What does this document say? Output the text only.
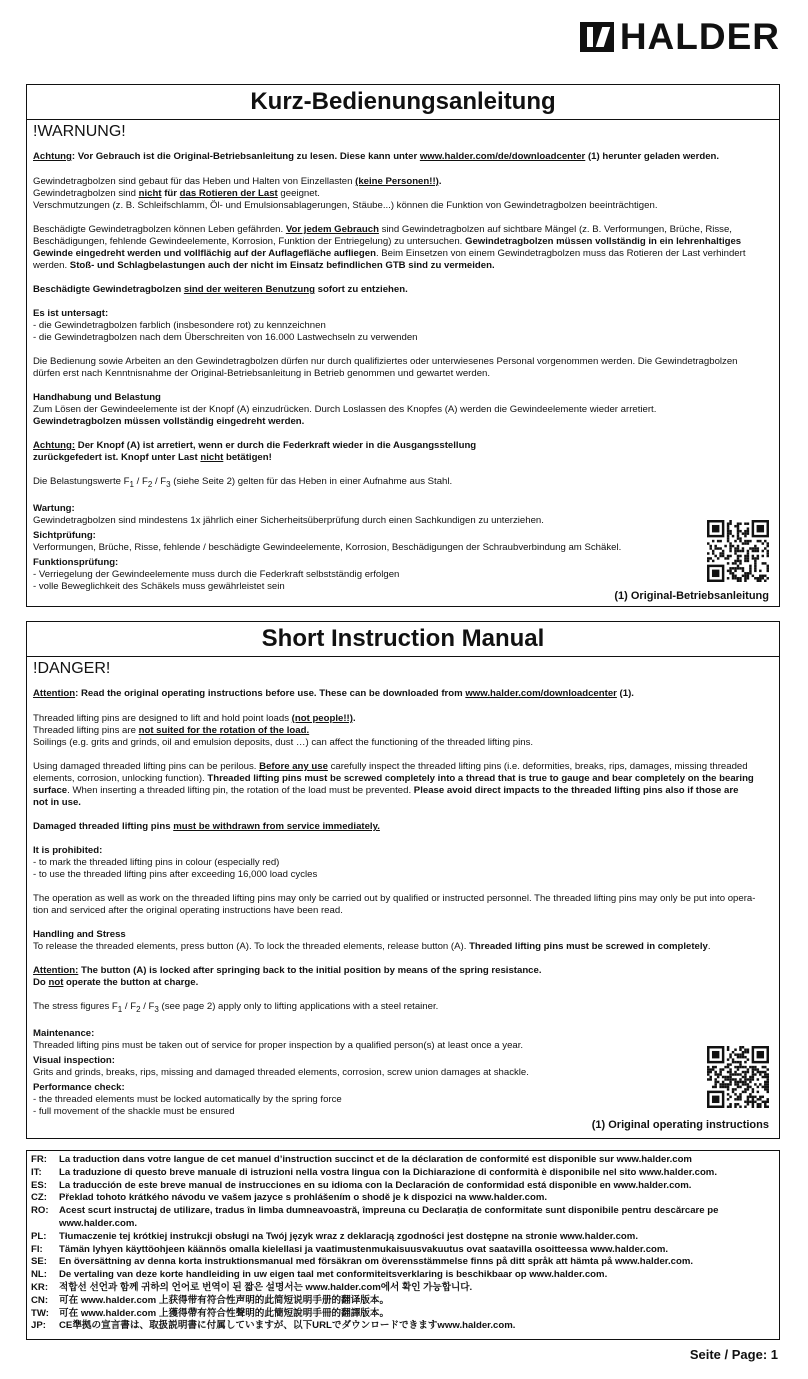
HALDER
Kurz-Bedienungsanleitung
!WARNUNG!

Achtung: Vor Gebrauch ist die Original-Betriebsanleitung zu lesen. Diese kann unter www.halder.com/de/downloadcenter (1) herunter geladen werden.

Gewindetragbolzen sind gebaut für das Heben und Halten von Einzellasten (keine Personen!!).

Gewindetragbolzen sind nicht für das Rotieren der Last geeignet.

Verschmutzungen (z. B. Schleifschlamm, Öl- und Emulsionsablagerungen, Stäube...) können die Funktion von Gewindetragbolzen beeinträchtigen.

Beschädigte Gewindetragbolzen können Leben gefährden. Vor jedem Gebrauch sind Gewindetragbolzen auf sichtbare Mängel (z. B. Verformungen, Brüche, Risse,

Beschädigungen, fehlende Gewindeelemente, Korrosion, Funktion der Entriegelung) zu untersuchen. Gewindetragbolzen müssen vollständig in ein lehrenhaltiges

Gewinde eingedreht werden und vollflächig auf der Auflagefläche aufliegen. Beim Einsetzen von einem Gewindetragbolzen muss das Rotieren der Last verhindert

werden. Stoß- und Schlagbelastungen auch der nicht im Einsatz befindlichen GTB sind zu vermeiden.

Beschädigte Gewindetragbolzen sind der weiteren Benutzung sofort zu entziehen.

Es ist untersagt:

- die Gewindetragbolzen farblich (insbesondere rot) zu kennzeichnen

- die Gewindetragbolzen nach dem Überschreiten von 16.000 Lastwechseln zu verwenden

Die Bedienung sowie Arbeiten an den Gewindetragbolzen dürfen nur durch qualifiziertes oder unterwiesenes Personal vorgenommen werden. Die Gewindetragbolzen

dürfen erst nach Kenntnisnahme der Original-Betriebsanleitung in Betrieb genommen und gewartet werden.

Handhabung und Belastung

Zum Lösen der Gewindeelemente ist der Knopf (A) einzudrücken. Durch Loslassen des Knopfes (A) werden die Gewindeelemente wieder arretiert.

Gewindetragbolzen müssen vollständig eingedreht werden.

Achtung: Der Knopf (A) ist arretiert, wenn er durch die Federkraft wieder in die Ausgangsstellung

zurückgefedert ist. Knopf unter Last nicht betätigen!

Die Belastungswerte $F_1 / F_2 / F_3$ (siehe Seite 2) gelten für das Heben in einer Aufnahme aus Stahl.

Wartung:

Gewindetragbolzen sind mindestens 1x jährlich einer Sicherheitsüberprüfung durch einen Sachkundigen zu unterziehen.

Sichtprüfung:

Verformungen, Brüche, Risse, fehlende / beschädigte Gewindeelemente, Korrosion, Beschädigungen der Schraubverbindung am Schäkel.

Funktionsprüfung:

- Verriegelung der Gewindeelemente muss durch die Federkraft selbstständig erfolgen

- volle Beweglichkeit des Schäkels muss gewährleistet sein

(1) Original-Betriebsanleitung
Short Instruction Manual
!DANGER!

Attention: Read the original operating instructions before use. These can be downloaded from www.halder.com/downloadcenter (1).

Threaded lifting pins are designed to lift and hold point loads (not people!!).

Threaded lifting pins are not suited for the rotation of the load.

Soilings (e.g. grits and grinds, oil and emulsion deposits, dust …) can affect the functioning of the threaded lifting pins.

Using damaged threaded lifting pins can be perilous. Before any use carefully inspect the threaded lifting pins (i.e. deformities, breaks, rips, damages, missing threaded

elements, corrosion, unlocking function). Threaded lifting pins must be screwed completely into a thread that is true to gauge and bear completely on the bearing

surface. When inserting a threaded lifting pin, the rotation of the load must be prevented. Please avoid direct impacts to the threaded lifting pins also if those are

not in use.

Damaged threaded lifting pins must be withdrawn from service immediately.

It is prohibited:

- to mark the threaded lifting pins in colour (especially red)

- to use the threaded lifting pins after exceeding 16,000 load cycles

The operation as well as work on the threaded lifting pins may only be carried out by qualified or instructed personnel. The threaded lifting pins may only be put into opera-

tion and serviced after the original operating instructions have been read.

Handling and Stress

To release the threaded elements, press button (A). To lock the threaded elements, release button (A). Threaded lifting pins must be screwed in completely.

Attention: The button (A) is locked after springing back to the initial position by means of the spring resistance.

Do not operate the button at charge.

The stress figures $F_1 / F_2 / F_3$ (see page 2) apply only to lifting applications with a steel retainer.

Maintenance:

Threaded lifting pins must be taken out of service for proper inspection by a qualified person(s) at least once a year.

Visual inspection:

Grits and grinds, breaks, rips, missing and damaged threaded elements, corrosion, screw union damages at shackle.

Performance check:

- the threaded elements must be locked automatically by the spring force

- full movement of the shackle must be ensured

(1) Original operating instructions
FR:	La traduction dans votre langue de cet manuel d’instruction succinct et de la déclaration de conformité est disponible sur www.halder.com
IT:	La traduzione di questo breve manuale di istruzioni nella vostra lingua con la Dichiarazione di conformità è disponibile nel sito www.halder.com.
ES:	La traducción de este breve manual de instrucciones en su idioma con la Declaración de conformidad está disponible en www.halder.com.
CZ:	Překlad tohoto krátkého návodu ve vašem jazyce s prohlášením o shodě je k dispozici na www.halder.com.
RO:	Acest scurt instructaj de utilizare, tradus în limba dumneavoastră, împreuna cu Declarația de conformitate sunt disponibile pentru descărcare pe www.halder.com.
PL:	Tłumaczenie tej krótkiej instrukcji obsługi na Twój język wraz z deklaracją zgodności jest dostępne na stronie www.halder.com.
FI:	Tämän lyhyen käyttöohjeen käännös omalla kielellasi ja vaatimustenmukaisuusvakuutus ovat saatavilla osoitteessa www.halder.com.
SE:	En översättning av denna korta instruktionsmanual med försäkran om överensstämmelse finns på ditt språk att hämta på www.halder.com.
NL:	De vertaling van deze korte handleiding in uw eigen taal met conformiteitsverklaring is beschikbaar op www.halder.com.
KR:	적합선 선언과 함께 귀하의 언어로 번역이 된 짧은 설명서는 www.halder.com에서 확인 가능합니다.
CN:	可在 www.halder.com 上获得带有符合性声明的此简短说明手册的翻译版本。
TW:	可在 www.halder.com 上獲得帶有符合性聲明的此簡短說明手冊的翻譯版本。
JP:	CE準拠の宣言書は、取扱説明書に付属していますが、以下URLでダウンロードできますwww.halder.com.
Seite / Page: 1
